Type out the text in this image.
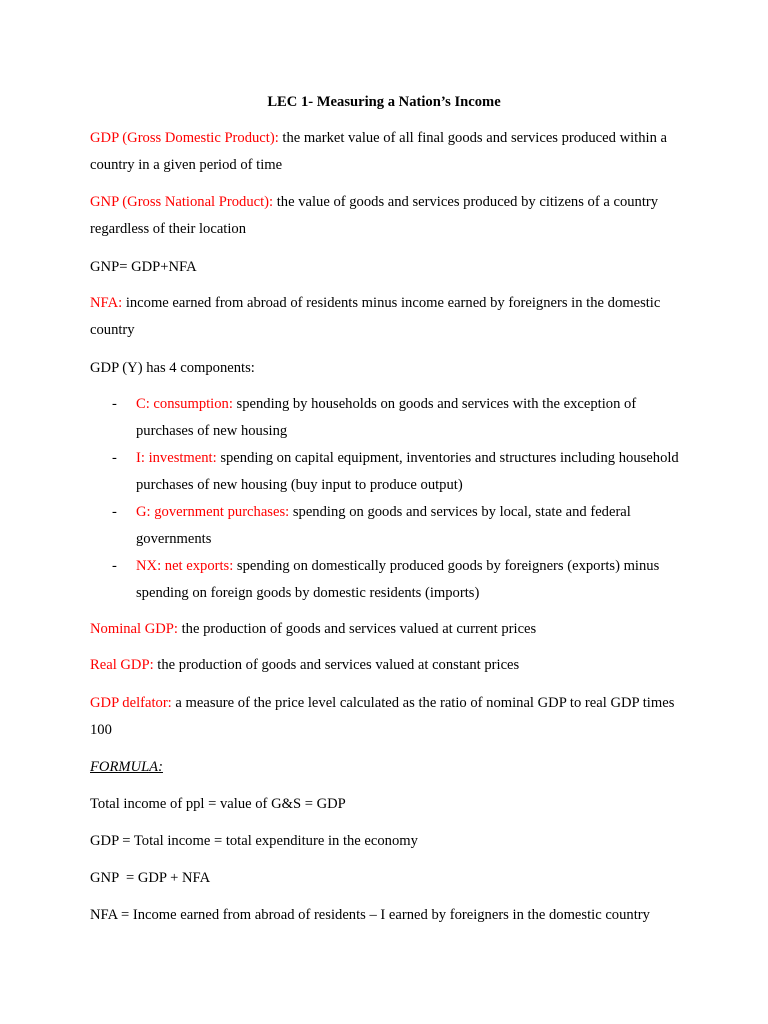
LEC 1- Measuring a Nation’s Income
GDP (Gross Domestic Product): the market value of all final goods and services produced within a country in a given period of time
GNP (Gross National Product): the value of goods and services produced by citizens of a country regardless of their location
GNP= GDP+NFA
NFA: income earned from abroad of residents minus income earned by foreigners in the domestic country
GDP (Y) has 4 components:
- C: consumption: spending by households on goods and services with the exception of purchases of new housing
- I: investment: spending on capital equipment, inventories and structures including household purchases of new housing (buy input to produce output)
- G: government purchases: spending on goods and services by local, state and federal governments
- NX: net exports: spending on domestically produced goods by foreigners (exports) minus spending on foreign goods by domestic residents (imports)
Nominal GDP: the production of goods and services valued at current prices
Real GDP: the production of goods and services valued at constant prices
GDP delfator: a measure of the price level calculated as the ratio of nominal GDP to real GDP times 100
FORMULA:
Total income of ppl = value of G&S = GDP
GDP = Total income = total expenditure in the economy
GNP  = GDP + NFA
NFA = Income earned from abroad of residents – I earned by foreigners in the domestic country
